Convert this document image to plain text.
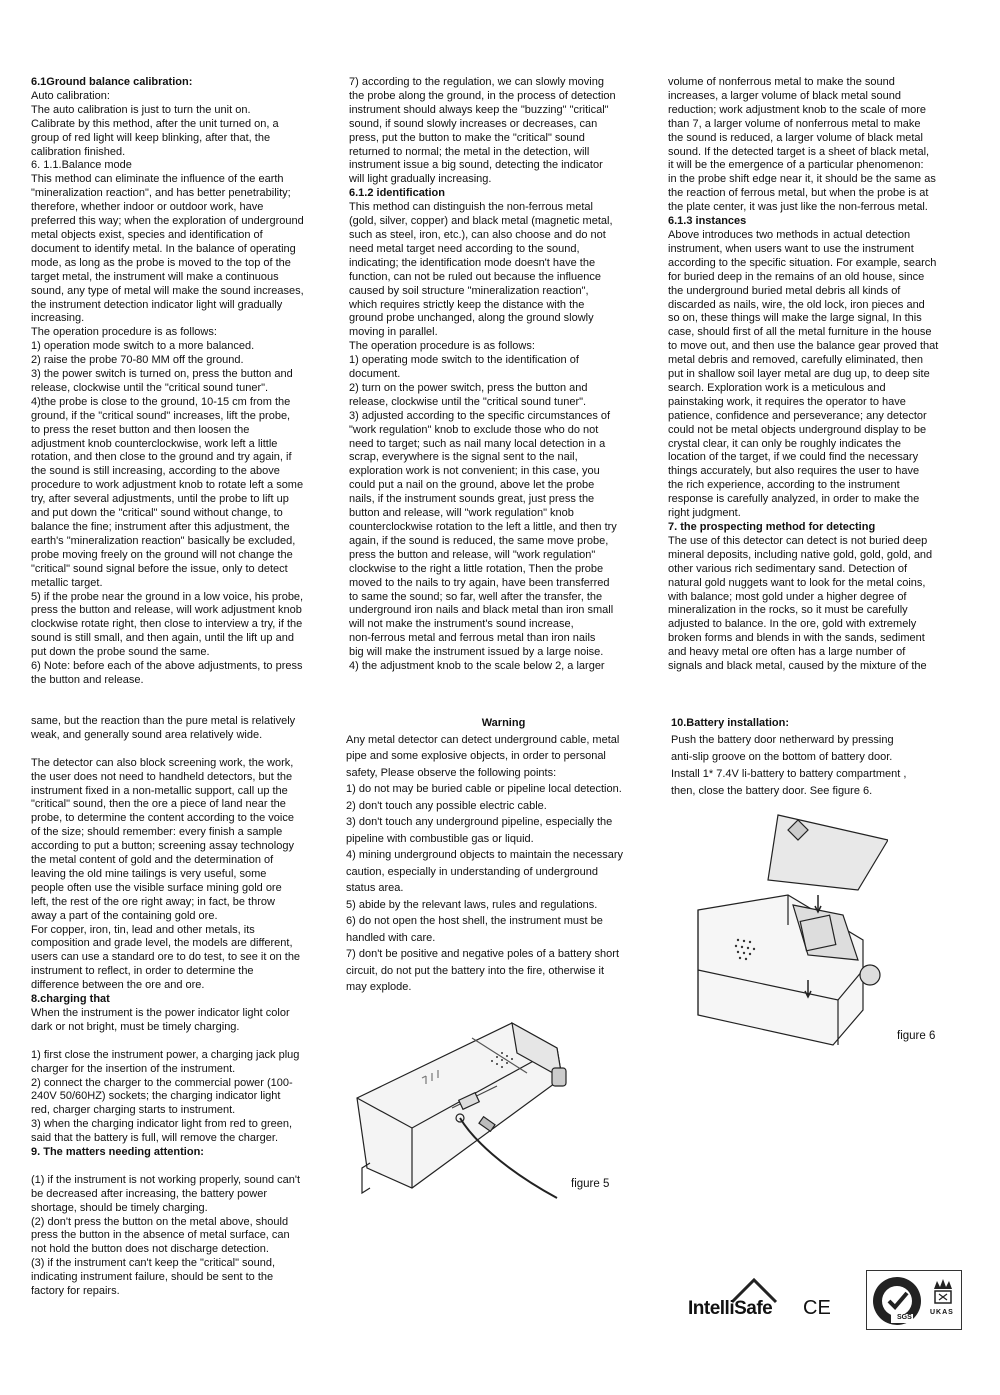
6.1Ground balance calibration:

Auto calibration:

The auto calibration is just to turn the unit on.

Calibrate by this method, after the unit turned on, a

group of red light will keep blinking, after that, the

calibration finished.

6. 1.1.Balance mode

This method can eliminate the influence of the earth

"mineralization reaction", and has better penetrability;

therefore, whether indoor or outdoor work, have

preferred this way; when the exploration of underground

metal objects exist, species and identification of

document to identify metal. In the balance of operating

mode, as long as the probe is moved to the top of the

target metal, the instrument will make a continuous

sound, any type of metal will make the sound increases,

the instrument detection indicator light will gradually

increasing.

The operation procedure is as follows:

1) operation mode switch to a more balanced.

2) raise the probe 70-80 MM off the ground.

3) the power switch is turned on, press the button and

release, clockwise until the "critical sound tuner".

4)the probe is close to the ground, 10-15 cm from the

ground, if the "critical sound" increases, lift the probe,

to press the reset button and then loosen the

adjustment knob counterclockwise, work left a little

rotation, and then close to the ground and try again, if

the sound is still increasing, according to the above

procedure to work adjustment knob to rotate left a some

try, after several adjustments, until the probe to lift up

and put down the "critical" sound without change, to

balance the fine; instrument after this adjustment, the

earth's "mineralization reaction" basically be excluded,

probe moving freely on the ground will not change the

"critical" sound signal before the issue, only to detect

metallic target.

5) if the probe near the ground in a low voice, his probe,

press the button and release, will work adjustment knob

clockwise rotate right, then close to interview a try, if the

sound is still small, and then again, until the lift up and

put down the probe sound the same.

6) Note: before each of the above adjustments, to press

the button and release.

7) according to the regulation, we can slowly moving

the probe along the ground, in the process of detection

instrument should always keep the "buzzing" "critical"

sound, if sound slowly increases or decreases, can

press, put the button to make the "critical" sound

returned to normal; the metal in the detection, will

instrument issue a big sound, detecting the indicator

will light gradually increasing.

6.1.2 identification

This method can distinguish the non-ferrous metal

(gold, silver, copper) and black metal (magnetic metal,

such as steel, iron, etc.), can also choose and do not

need metal target need according to the sound,

indicating; the identification mode doesn't have the

function, can not be ruled out because the influence

caused by soil structure "mineralization reaction",

which requires strictly keep the distance with the

ground probe unchanged, along the ground slowly

moving in parallel.

The operation procedure is as follows:

1) operating mode switch to the identification of

document.

2) turn on the power switch, press the button and

release, clockwise until the "critical sound tuner".

3) adjusted according to the specific circumstances of

"work regulation" knob to exclude those who do not

need to target; such as nail many local detection in a

scrap, everywhere is the signal sent to the nail,

exploration work is not convenient; in this case, you

could put a nail on the ground, above let the probe

nails, if the instrument sounds great, just press the

button and release, will "work regulation" knob

counterclockwise rotation to the left a little, and then try

again, if the sound is reduced, the same move probe,

press the button and release, will "work regulation"

clockwise to the right a little rotation, Then the probe

moved to the nails to try again, have been transferred

to same the sound; so far, well after the transfer, the

underground iron nails and black metal than iron small

will not make the instrument's sound increase,

non-ferrous metal and ferrous metal than iron nails

big will make the instrument issued by a large noise.

4) the adjustment knob to the scale below 2, a larger

volume of nonferrous metal to make the sound

increases, a larger volume of black metal sound

reduction; work adjustment knob to the scale of more

than 7, a larger volume of nonferrous metal to make

the sound is reduced, a larger volume of black metal

sound. If the detected target is a sheet of black metal,

it will be the emergence of a particular phenomenon:

in the probe shift edge near it, it should be the same as

the reaction of ferrous metal, but when the probe is at

the plate center, it was just like the non-ferrous metal.

6.1.3 instances

Above introduces two methods in actual detection

instrument, when users want to use the instrument

according to the specific situation. For example, search

for buried deep in the remains of an old house, since

the underground buried metal debris all kinds of

discarded as nails, wire, the old lock, iron pieces and

so on, these things will make the large signal, In this

case, should first of all the metal furniture in the house

to move out, and then use the balance gear proved that

metal debris and removed, carefully eliminated, then

put in shallow soil layer metal are dug up, to deep site

search. Exploration work is a meticulous and

painstaking work, it requires the operator to have

patience, confidence and perseverance; any detector

could not be metal objects underground display to be

crystal clear, it can only be roughly indicates the

location of the target, if we could find the necessary

things accurately, but also requires the user to have

the rich experience, according to the instrument

response is carefully analyzed, in order to make the

right judgment.

7. the prospecting method for detecting

The use of this detector can detect is not buried deep

mineral deposits, including native gold, gold, gold, and

other various rich sedimentary sand. Detection of

natural gold nuggets want to look for the metal coins,

with balance; most gold under a higher degree of

mineralization in the rocks, so it must be carefully

adjusted to balance. In the ore, gold with extremely

broken forms and blends in with the sands, sediment

and heavy metal ore often has a large number of

signals and black metal, caused by the mixture of the

same, but the reaction than the pure metal is relatively

weak, and generally sound area relatively wide.

The detector can also block screening work, the work,

the user does not need to handheld detectors, but the

instrument fixed in a non-metallic support, call up the

"critical" sound, then the ore a piece of land near the

probe, to determine the content according to the voice

of the size; should remember: every finish a sample

according to put a button; screening assay technology

the metal content of gold and the determination of

leaving the old mine tailings is very useful, some

people often use the visible surface mining gold ore

left, the rest of the ore right away; in fact, be throw

away a part of the containing gold ore.

For copper, iron, tin, lead and other metals, its

composition and grade level, the models are different,

users can use a standard ore to do test, to see it on the

instrument to reflect, in order to determine the

difference between the ore and ore.

8.charging that

When the instrument is the power indicator light color

dark or not bright, must be timely charging.

1) first close the instrument power, a charging jack plug

charger for the insertion of the instrument.

2) connect the charger to the commercial power (100-

240V 50/60HZ) sockets; the charging indicator light

red, charger charging starts to instrument.

3) when the charging indicator light from red to green,

said that the battery is full, will remove the charger.

9. The matters needing attention:

(1) if the instrument is not working properly, sound can't

be decreased after increasing, the battery power

shortage, should be timely charging.

(2) don't press the button on the metal above, should

press the button in the absence of metal surface, can

not hold the button does not discharge detection.

(3) if the instrument can't keep the "critical" sound,

indicating instrument failure, should be sent to the

factory for repairs.

Warning

Any metal detector can detect underground cable, metal

pipe and some explosive objects, in order to personal

safety, Please observe the following points:

1) do not may be buried cable or pipeline local detection.

2) don't touch any possible electric cable.

3) don't touch any underground pipeline, especially the

pipeline with combustible gas or liquid.

4) mining underground objects to maintain the necessary

caution, especially in understanding of underground

status area.

5) abide by the relevant laws, rules and regulations.

6) do not open the host shell, the instrument must be

handled with care.

7) don't be positive and negative poles of a battery short

circuit, do not put the battery into the fire, otherwise it

may explode.

10.Battery installation:

Push the battery door netherward by pressing

anti-slip groove on the bottom of battery door.

Install 1* 7.4V li-battery to battery compartment ,

then, close the battery door. See figure 6.

figure 5
figure 6
IntelliSafe CE	SGS
UKAS
